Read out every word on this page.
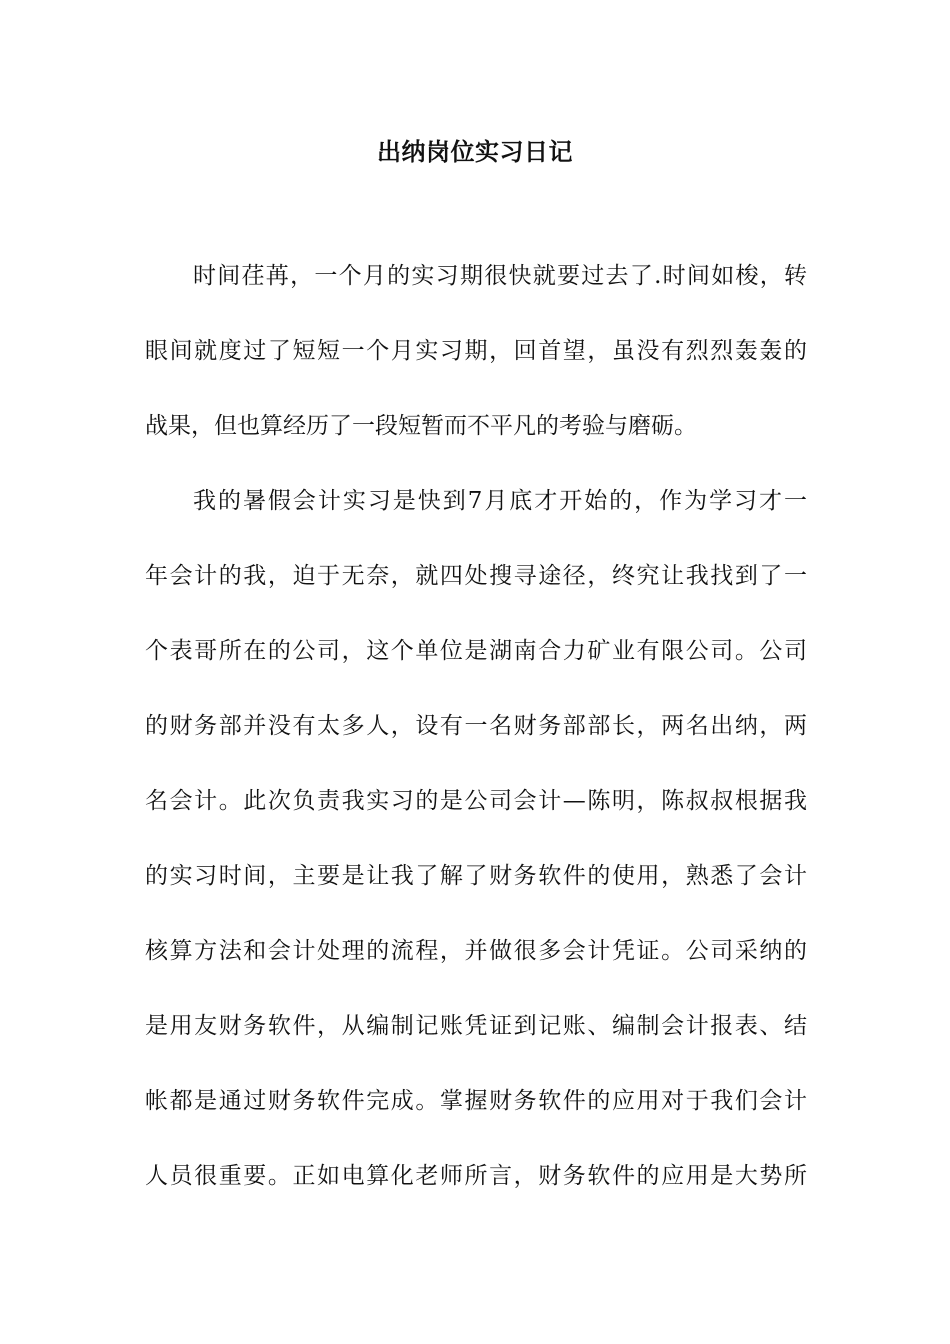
出纳岗位实习日记
时间荏苒，一个月的实习期很快就要过去了.时间如梭，转
眼间就度过了短短一个月实习期，回首望，虽没有烈烈轰轰的
战果，但也算经历了一段短暂而不平凡的考验与磨砺。
我的暑假会计实习是快到7月底才开始的，作为学习才一
年会计的我，迫于无奈，就四处搜寻途径，终究让我找到了一
个表哥所在的公司，这个单位是湖南合力矿业有限公司。公司
的财务部并没有太多人，设有一名财务部部长，两名出纳，两
名会计。此次负责我实习的是公司会计—陈明，陈叔叔根据我
的实习时间，主要是让我了解了财务软件的使用，熟悉了会计
核算方法和会计处理的流程，并做很多会计凭证。公司采纳的
是用友财务软件，从编制记账凭证到记账、编制会计报表、结
帐都是通过财务软件完成。掌握财务软件的应用对于我们会计
人员很重要。正如电算化老师所言，财务软件的应用是大势所
